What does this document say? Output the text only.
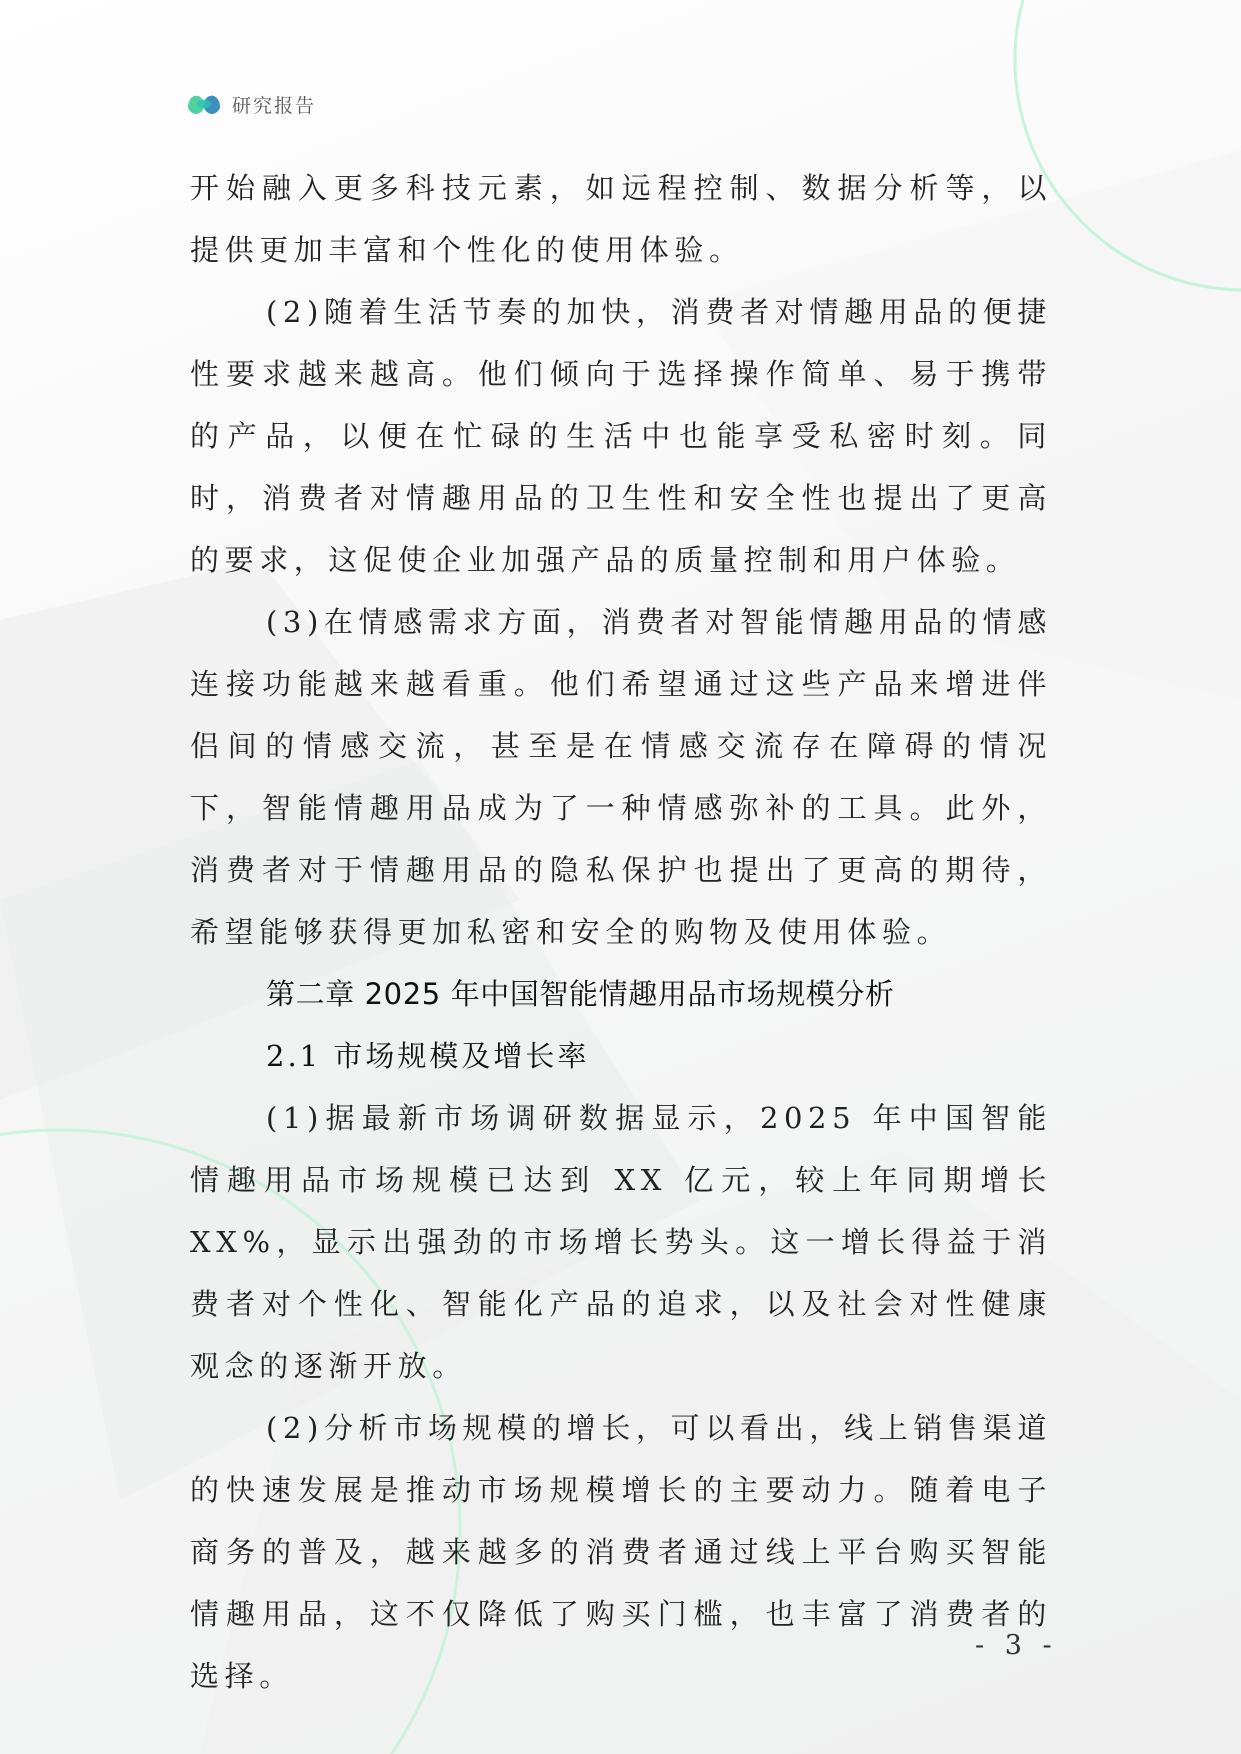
研究报告

开始融入更多科技元素，如远程控制、数据分析等，以提供更加丰富和个性化的使用体验。

(2)随着生活节奏的加快，消费者对情趣用品的便捷性要求越来越高。他们倾向于选择操作简单、易于携带的产品，以便在忙碌的生活中也能享受私密时刻。同时，消费者对情趣用品的卫生性和安全性也提出了更高的要求，这促使企业加强产品的质量控制和用户体验。

(3)在情感需求方面，消费者对智能情趣用品的情感连接功能越来越看重。他们希望通过这些产品来增进伴侣间的情感交流，甚至是在情感交流存在障碍的情况下，智能情趣用品成为了一种情感弥补的工具。此外，消费者对于情趣用品的隐私保护也提出了更高的期待，希望能够获得更加私密和安全的购物及使用体验。

第二章 2025 年中国智能情趣用品市场规模分析

2.1 市场规模及增长率

(1)据最新市场调研数据显示，2025 年中国智能情趣用品市场规模已达到 XX 亿元，较上年同期增长 XX%，显示出强劲的市场增长势头。这一增长得益于消费者对个性化、智能化产品的追求，以及社会对性健康观念的逐渐开放。

(2)分析市场规模的增长，可以看出，线上销售渠道的快速发展是推动市场规模增长的主要动力。随着电子商务的普及，越来越多的消费者通过线上平台购买智能情趣用品，这不仅降低了购买门槛，也丰富了消费者的选择。

- 3 -
